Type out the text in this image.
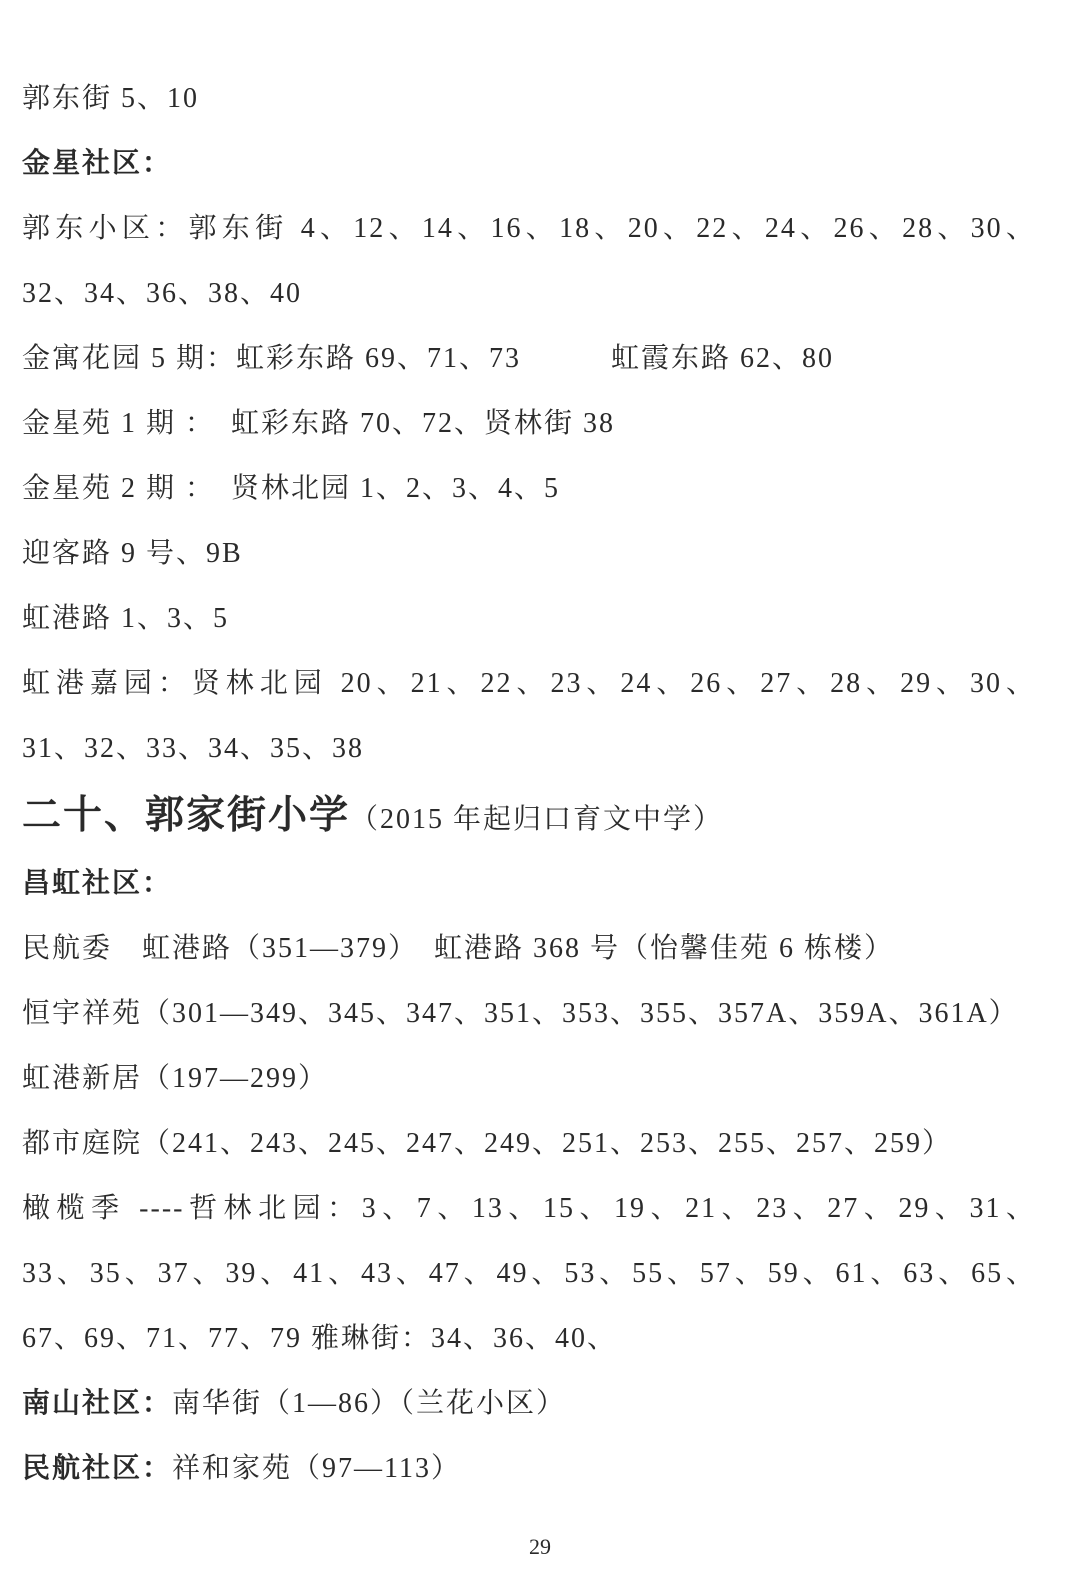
郭东街 5、10
金星社区：
郭东小区：郭东街 4、12、14、16、18、20、22、24、26、28、30、
32、34、36、38、40
金寓花园 5 期：虹彩东路 69、71、73　　　虹霞东路 62、80
金星苑 1 期 ：　虹彩东路 70、72、贤林街 38
金星苑 2 期 ：　贤林北园 1、2、3、4、5
迎客路 9 号、9B
虹港路 1、3、5
虹港嘉园：贤林北园 20、21、22、23、24、26、27、28、29、30、
31、32、33、34、35、38
二十、郭家街小学（2015 年起归口育文中学）
昌虹社区：
民航委　虹港路（351—379）　虹港路 368 号（怡馨佳苑 6 栋楼）
恒宇祥苑（301—349、345、347、351、353、355、357A、359A、361A）
虹港新居（197—299）
都市庭院（241、243、245、247、249、251、253、255、257、259）
橄榄季 ----哲林北园：3、7、13、15、19、21、23、27、29、31、
33、35、37、39、41、43、47、49、53、55、57、59、61、63、65、
67、69、71、77、79 雅琳街：34、36、40、
南山社区：南华街（1—86）（兰花小区）
民航社区：祥和家苑（97—113）
29
